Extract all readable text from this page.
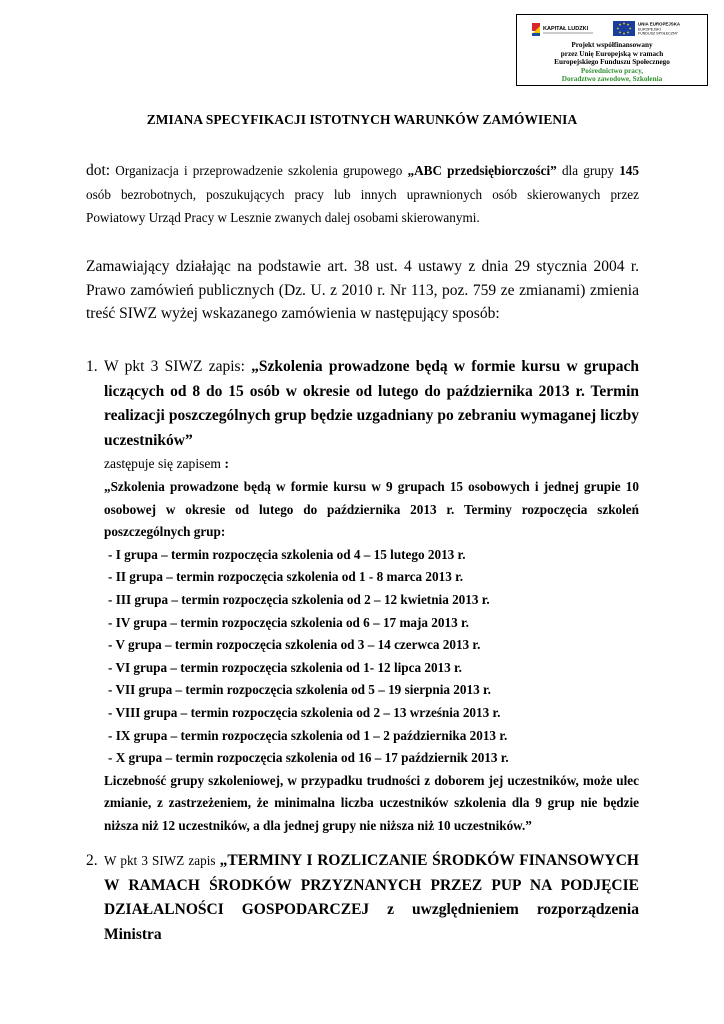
KAPITAŁ LUDZKI
UNIA EUROPEJSKA
EUROPEJSKI
FUNDUSZ SPOŁECZNY
Projekt współfinansowany
przez Unię Europejską w ramach
Europejskiego Funduszu Społecznego
Pośrednictwo pracy,
Doradztwo zawodowe, Szkolenia
ZMIANA SPECYFIKACJI ISTOTNYCH WARUNKÓW ZAMÓWIENIA
dot: Organizacja i przeprowadzenie szkolenia grupowego „ABC przedsiębiorczości” dla grupy 145 osób bezrobotnych, poszukujących pracy lub innych uprawnionych osób skierowanych przez Powiatowy Urząd Pracy w Lesznie zwanych dalej osobami skierowanymi.
Zamawiający działając na podstawie art. 38 ust. 4 ustawy z dnia 29 stycznia 2004 r. Prawo zamówień publicznych (Dz. U. z 2010 r. Nr 113, poz. 759 ze zmianami) zmienia treść SIWZ wyżej wskazanego zamówienia w następujący sposób:
1. W pkt 3 SIWZ zapis: „Szkolenia prowadzone będą w formie kursu w grupach liczących od 8 do 15 osób w okresie od lutego do października 2013 r. Termin realizacji poszczególnych grup będzie uzgadniany po zebraniu wymaganej liczby uczestników”
zastępuje się zapisem :
„Szkolenia prowadzone będą w formie kursu w 9 grupach 15 osobowych i jednej grupie 10 osobowej w okresie od lutego do października 2013 r. Terminy rozpoczęcia szkoleń poszczególnych grup:
- I grupa – termin rozpoczęcia szkolenia od 4 – 15 lutego 2013 r.
- II grupa – termin rozpoczęcia szkolenia od 1 - 8 marca 2013 r.
- III grupa – termin rozpoczęcia szkolenia od 2 – 12 kwietnia 2013 r.
- IV grupa – termin rozpoczęcia szkolenia od 6 – 17 maja 2013 r.
- V grupa – termin rozpoczęcia szkolenia od 3 – 14 czerwca 2013 r.
- VI grupa – termin rozpoczęcia szkolenia od 1- 12 lipca 2013 r.
- VII grupa – termin rozpoczęcia szkolenia od 5 – 19 sierpnia 2013 r.
- VIII grupa – termin rozpoczęcia szkolenia od 2 – 13 września 2013 r.
- IX grupa – termin rozpoczęcia szkolenia od 1 – 2 października 2013 r.
- X grupa – termin rozpoczęcia szkolenia od 16 – 17 październik 2013 r.
Liczebność grupy szkoleniowej, w przypadku trudności z doborem jej uczestników, może ulec zmianie, z zastrzeżeniem, że minimalna liczba uczestników szkolenia dla 9 grup nie będzie niższa niż 12 uczestników, a dla jednej grupy nie niższa niż 10 uczestników.”
2. W pkt 3 SIWZ zapis „TERMINY I ROZLICZANIE ŚRODKÓW FINANSOWYCH W RAMACH ŚRODKÓW PRZYZNANYCH PRZEZ PUP NA PODJĘCIE DZIAŁALNOŚCI GOSPODARCZEJ z uwzględnieniem rozporządzenia Ministra
